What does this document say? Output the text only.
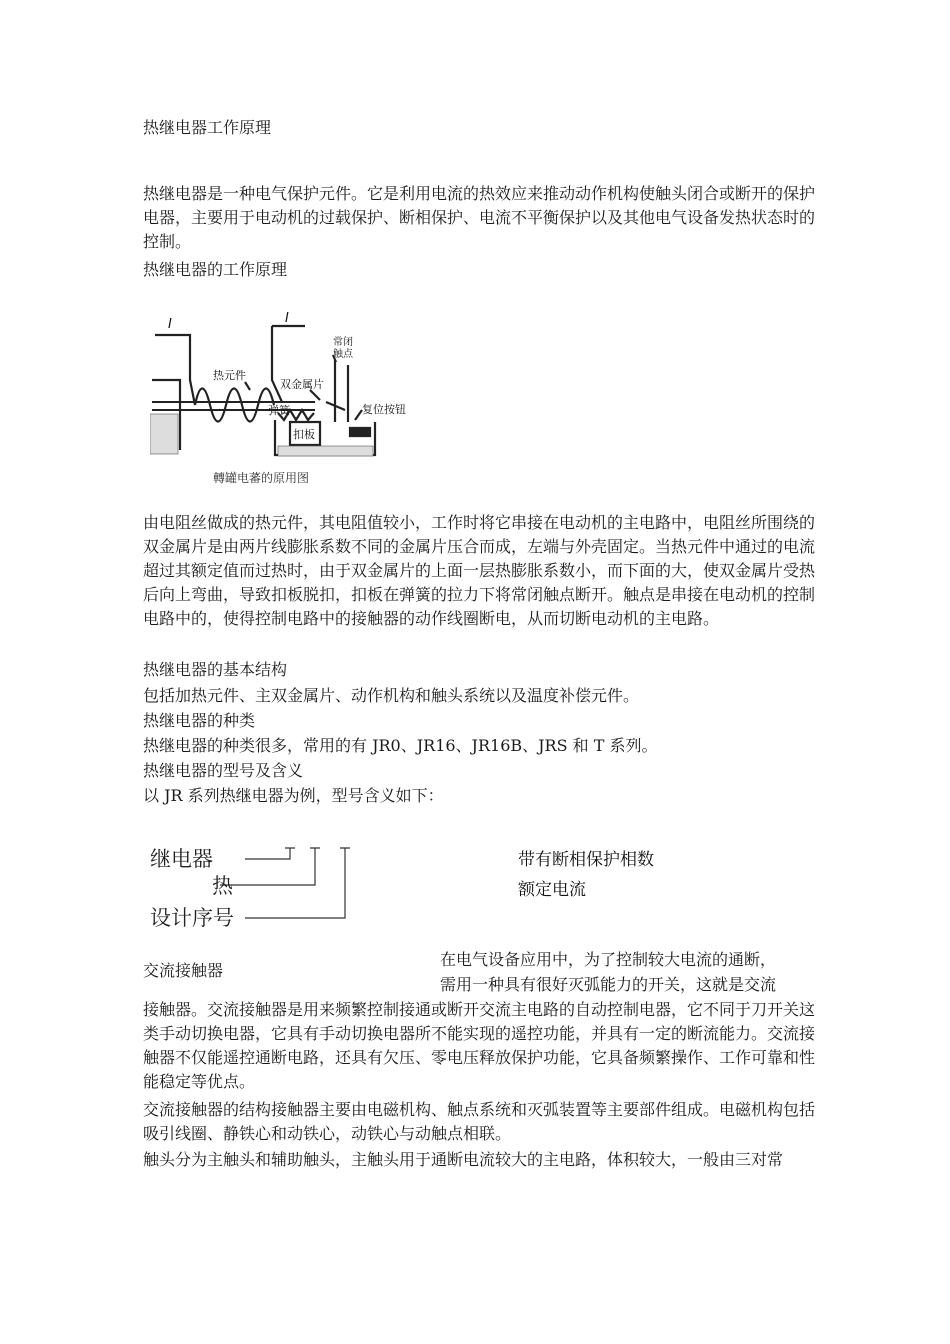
热继电器工作原理
热继电器是一种电气保护元件。它是利用电流的热效应来推动动作机构使触头闭合或断开的保护电器，主要用于电动机的过载保护、断相保护、电流不平衡保护以及其他电气设备发热状态时的控制。
热继电器的工作原理
I	I
热元件
双金属片
常闭
触点
弹簧	复位按钮
扣板
轉罐电蕃的原用图
由电阻丝做成的热元件，其电阻值较小，工作时将它串接在电动机的主电路中，电阻丝所围绕的双金属片是由两片线膨胀系数不同的金属片压合而成，左端与外壳固定。当热元件中通过的电流超过其额定值而过热时，由于双金属片的上面一层热膨胀系数小，而下面的大，使双金属片受热后向上弯曲，导致扣板脱扣，扣板在弹簧的拉力下将常闭触点断开。触点是串接在电动机的控制电路中的，使得控制电路中的接触器的动作线圈断电，从而切断电动机的主电路。
热继电器的基本结构
包括加热元件、主双金属片、动作机构和触头系统以及温度补偿元件。
热继电器的种类
热继电器的种类很多，常用的有 JR0、JR16、JR16B、JRS 和 T 系列。
热继电器的型号及含义
以 JR 系列热继电器为例，型号含义如下：
继电器
热
设计序号
带有断相保护相数
额定电流
交流接触器
在电气设备应用中，为了控制较大电流的通断，
需用一种具有很好灭弧能力的开关，这就是交流
接触器。交流接触器是用来频繁控制接通或断开交流主电路的自动控制电器，它不同于刀开关这类手动切换电器，它具有手动切换电器所不能实现的遥控功能，并具有一定的断流能力。交流接触器不仅能遥控通断电路，还具有欠压、零电压释放保护功能，它具备频繁操作、工作可靠和性能稳定等优点。
交流接触器的结构接触器主要由电磁机构、触点系统和灭弧装置等主要部件组成。电磁机构包括吸引线圈、静铁心和动铁心，动铁心与动触点相联。
触头分为主触头和辅助触头，主触头用于通断电流较大的主电路，体积较大，一般由三对常
